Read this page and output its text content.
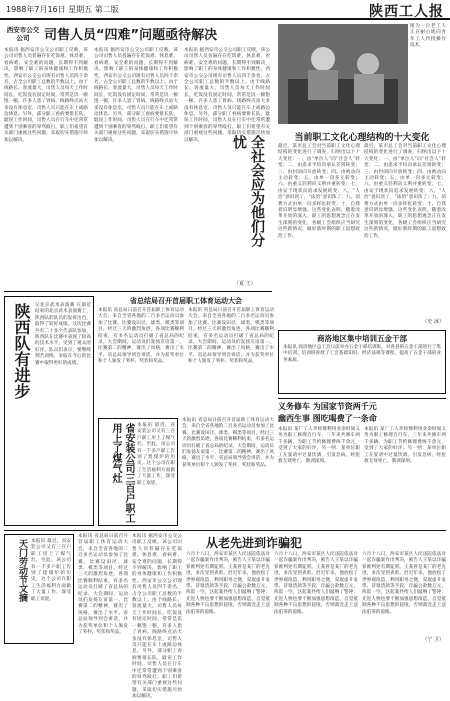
1988年7月16日 星期五 第二版	陕西工人报
西安市公交公司	司售人员“四难”问题亟待解决
本报讯 据西安市公交公司职工反映，该公司司售人员普遍存在吃饭难、休息难、看病难、安全难的问题，长期得不到解决，影响了职工的身体健康和工作积极性。西安市公交公司现有司售人员四千余名，占全公司职工总数的半数以上。由于线路长、客流量大，司售人员每天工作时间长，吃饭没有固定时间，常常是饥一顿饱一顿，许多人患了胃病。线路终点站大多没有休息室，司售人员只能在车上或路边休息。另外，部分职工看病要排长队，耽误工作时间，司售人员在行车中还常常遭到个别乘客的辱骂殴打。职工们希望有关部门重视这些问题，采取切实措施尽快加以解决。
本报讯 据西安市公交公司职工反映，该公司司售人员普遍存在吃饭难、休息难、看病难、安全难的问题，长期得不到解决，影响了职工的身体健康和工作积极性。西安市公交公司现有司售人员四千余名，占全公司职工总数的半数以上。由于线路长、客流量大，司售人员每天工作时间长，吃饭没有固定时间，常常是饥一顿饱一顿，许多人患了胃病。线路终点站大多没有休息室，司售人员只能在车上或路边休息。另外，部分职工看病要排长队，耽误工作时间，司售人员在行车中还常常遭到个别乘客的辱骂殴打。职工们希望有关部门重视这些问题，采取切实措施尽快加以解决。
本报讯 据西安市公交公司职工反映，该公司司售人员普遍存在吃饭难、休息难、看病难、安全难的问题，长期得不到解决，影响了职工的身体健康和工作积极性。西安市公交公司现有司售人员四千余名，占全公司职工总数的半数以上。由于线路长、客流量大，司售人员每天工作时间长，吃饭没有固定时间，常常是饥一顿饱一顿，许多人患了胃病。线路终点站大多没有休息室，司售人员只能在车上或路边休息。另外，部分职工看病要排长队，耽误工作时间，司售人员在行车中还常常遭到个别乘客的辱骂殴打。职工们希望有关部门重视这些问题，采取切实措施尽快加以解决。
（夏 王）
图为一位老工人正在耐心地向青年工人传授操作技术。
全社会应为他们分忧	当前职工文化心理结构的十大变化
最近，某市总工会对当前职工文化心理结构的变化进行了调查，归纳出以下十大变化：一、由“单位人”向“社会人”转变；二、由追求平均向承认差别转变；三、由封闭向开放转变；四、由被动向主动转变；五、由单一向多元转变；六、由重义轻利向义利并重转变；七、由安于现状向追求发展转变；八、“人治”意识淡了，“法治”意识浓了；九、消费方式由单一向多样化转变；十、自我意识明显增强。这些变化表明，随着改革开放的深入，职工的思想观念正在发生深刻的变化，各级工会组织应当研究这些新情况，做好新时期的职工思想政治工作。
最近，某市总工会对当前职工文化心理结构的变化进行了调查，归纳出以下十大变化：一、由“单位人”向“社会人”转变；二、由追求平均向承认差别转变；三、由封闭向开放转变；四、由被动向主动转变；五、由单一向多元转变；六、由重义轻利向义利并重转变；七、由安于现状向追求发展转变；八、“人治”意识淡了，“法治”意识浓了；九、消费方式由单一向多样化转变；十、自我意识明显增强。这些变化表明，随着改革开放的深入，职工的思想观念正在发生深刻的变化，各级工会组织应当研究这些新情况，做好新时期的职工思想政治工作。
（史 冰）
陕西队有进步 记北京武术表演赛 在最近结束的北京武术表演赛上，陕西队的队员们发挥出色，取得了较好成绩。这次比赛共有二十多个代表队参加，陕西队在比赛中表现了较高的技术水平，受到了观众的好评。队员们表示，要继续刻苦训练，争取在今后的比赛中取得更好的成绩。
省总结局召开首届职工体育运动大会
本报讯 省总局日前召开首届职工体育运动大会，来自全省各地的二百多名运动员参加了比赛。比赛设田径、球类、棋类等项目。经过三天的激烈角逐，各项比赛顺利结束，有多名运动员打破了省总局的纪录。大会期间，运动员们发扬友谊第一、比赛第二的精神，赛出了风格，赛出了水平。省总局领导到会讲话，并为获奖单位和个人颁发了奖杯、奖状和奖品。
本报讯 省总局日前召开首届职工体育运动大会，来自全省各地的二百多名运动员参加了比赛。比赛设田径、球类、棋类等项目。经过三天的激烈角逐，各项比赛顺利结束，有多名运动员打破了省总局的纪录。大会期间，运动员们发扬友谊第一、比赛第二的精神，赛出了风格，赛出了水平。省总局领导到会讲话，并为获奖单位和个人颁发了奖杯、奖状和奖品。
省安装公司三百户职工用上了煤气灶	本报讯 最近，省安装公司又有三百户职工用上了煤气灶，至此，该公司有一千多户职工告别了烧煤炉的历史。这个公司在职工生活福利方面做了大量工作，深受职工欢迎。
本报讯 省总局日前召开首届职工体育运动大会，来自全省各地的二百多名运动员参加了比赛。比赛设田径、球类、棋类等项目。经过三天的激烈角逐，各项比赛顺利结束，有多名运动员打破了省总局的纪录。大会期间，运动员们发扬友谊第一、比赛第二的精神，赛出了风格，赛出了水平。省总局领导到会讲话，并为获奖单位和个人颁发了奖杯、奖状和奖品。
商洛地区集中培训五金干部
本报讯 商洛地区总工会日前举办五金干部培训班，对各县的五金干部进行了集中培训。培训班讲授了工会基础知识、经济法规等课程，提高了五金干部的业务素质。
义务修车 为国家节资两千元
幽西生事 图吃喝费了一条命
本报讯 某厂工人李师傅利用业余时间义务为职工修理自行车，三年来共修车两千多辆，为职工节约修理费两千余元，受到了大家的好评。另一则：某单位职工在宴请中过量饮酒，引发急病，经抢救无效死亡，教训深刻。
本报讯 某厂工人李师傅利用业余时间义务为职工修理自行车，三年来共修车两千多辆，为职工节约修理费两千余元，受到了大家的好评。另一则：某单位职工在宴请中过量饮酒，引发急病，经抢救无效死亡，教训深刻。
天门劳动节文摘 本报讯 最近，省安装公司又有三百户职工用上了煤气灶，至此，该公司有一千多户职工告别了烧煤炉的历史。这个公司在职工生活福利方面做了大量工作，深受职工欢迎。
本报讯 省总局日前召开首届职工体育运动大会，来自全省各地的二百多名运动员参加了比赛。比赛设田径、球类、棋类等项目。经过三天的激烈角逐，各项比赛顺利结束，有多名运动员打破了省总局的纪录。大会期间，运动员们发扬友谊第一、比赛第二的精神，赛出了风格，赛出了水平。省总局领导到会讲话，并为获奖单位和个人颁发了奖杯、奖状和奖品。
本报讯 据西安市公交公司职工反映，该公司司售人员普遍存在吃饭难、休息难、看病难、安全难的问题，长期得不到解决，影响了职工的身体健康和工作积极性。西安市公交公司现有司售人员四千余名，占全公司职工总数的半数以上。由于线路长、客流量大，司售人员每天工作时间长，吃饭没有固定时间，常常是饥一顿饱一顿，许多人患了胃病。线路终点站大多没有休息室，司售人员只能在车上或路边休息。另外，部分职工看病要排长队，耽误工作时间，司售人员在行车中还常常遭到个别乘客的辱骂殴打。职工们希望有关部门重视这些问题，采取切实措施尽快加以解决。
从老先进到诈骗犯
六月十八日，西安市某区人民法院依法对一起诈骗案作出判决，被告人王某以诈骗罪被判处有期徒刑。王某曾是某厂的老先进，多次受到表彰。但近年来，他放松了世界观改造，利用职务之便，采取虚开发票、冒领货款等手段，诈骗公款数万元，挥霍一空。这起案件给人们敲响了警钟：先进人物也要不断加强思想改造，自觉抵制各种不良思想的侵蚀，否则就会走上违法犯罪的道路。
六月十八日，西安市某区人民法院依法对一起诈骗案作出判决，被告人王某以诈骗罪被判处有期徒刑。王某曾是某厂的老先进，多次受到表彰。但近年来，他放松了世界观改造，利用职务之便，采取虚开发票、冒领货款等手段，诈骗公款数万元，挥霍一空。这起案件给人们敲响了警钟：先进人物也要不断加强思想改造，自觉抵制各种不良思想的侵蚀，否则就会走上违法犯罪的道路。
六月十八日，西安市某区人民法院依法对一起诈骗案作出判决，被告人王某以诈骗罪被判处有期徒刑。王某曾是某厂的老先进，多次受到表彰。但近年来，他放松了世界观改造，利用职务之便，采取虚开发票、冒领货款等手段，诈骗公款数万元，挥霍一空。这起案件给人们敲响了警钟：先进人物也要不断加强思想改造，自觉抵制各种不良思想的侵蚀，否则就会走上违法犯罪的道路。
（宁 卫）
